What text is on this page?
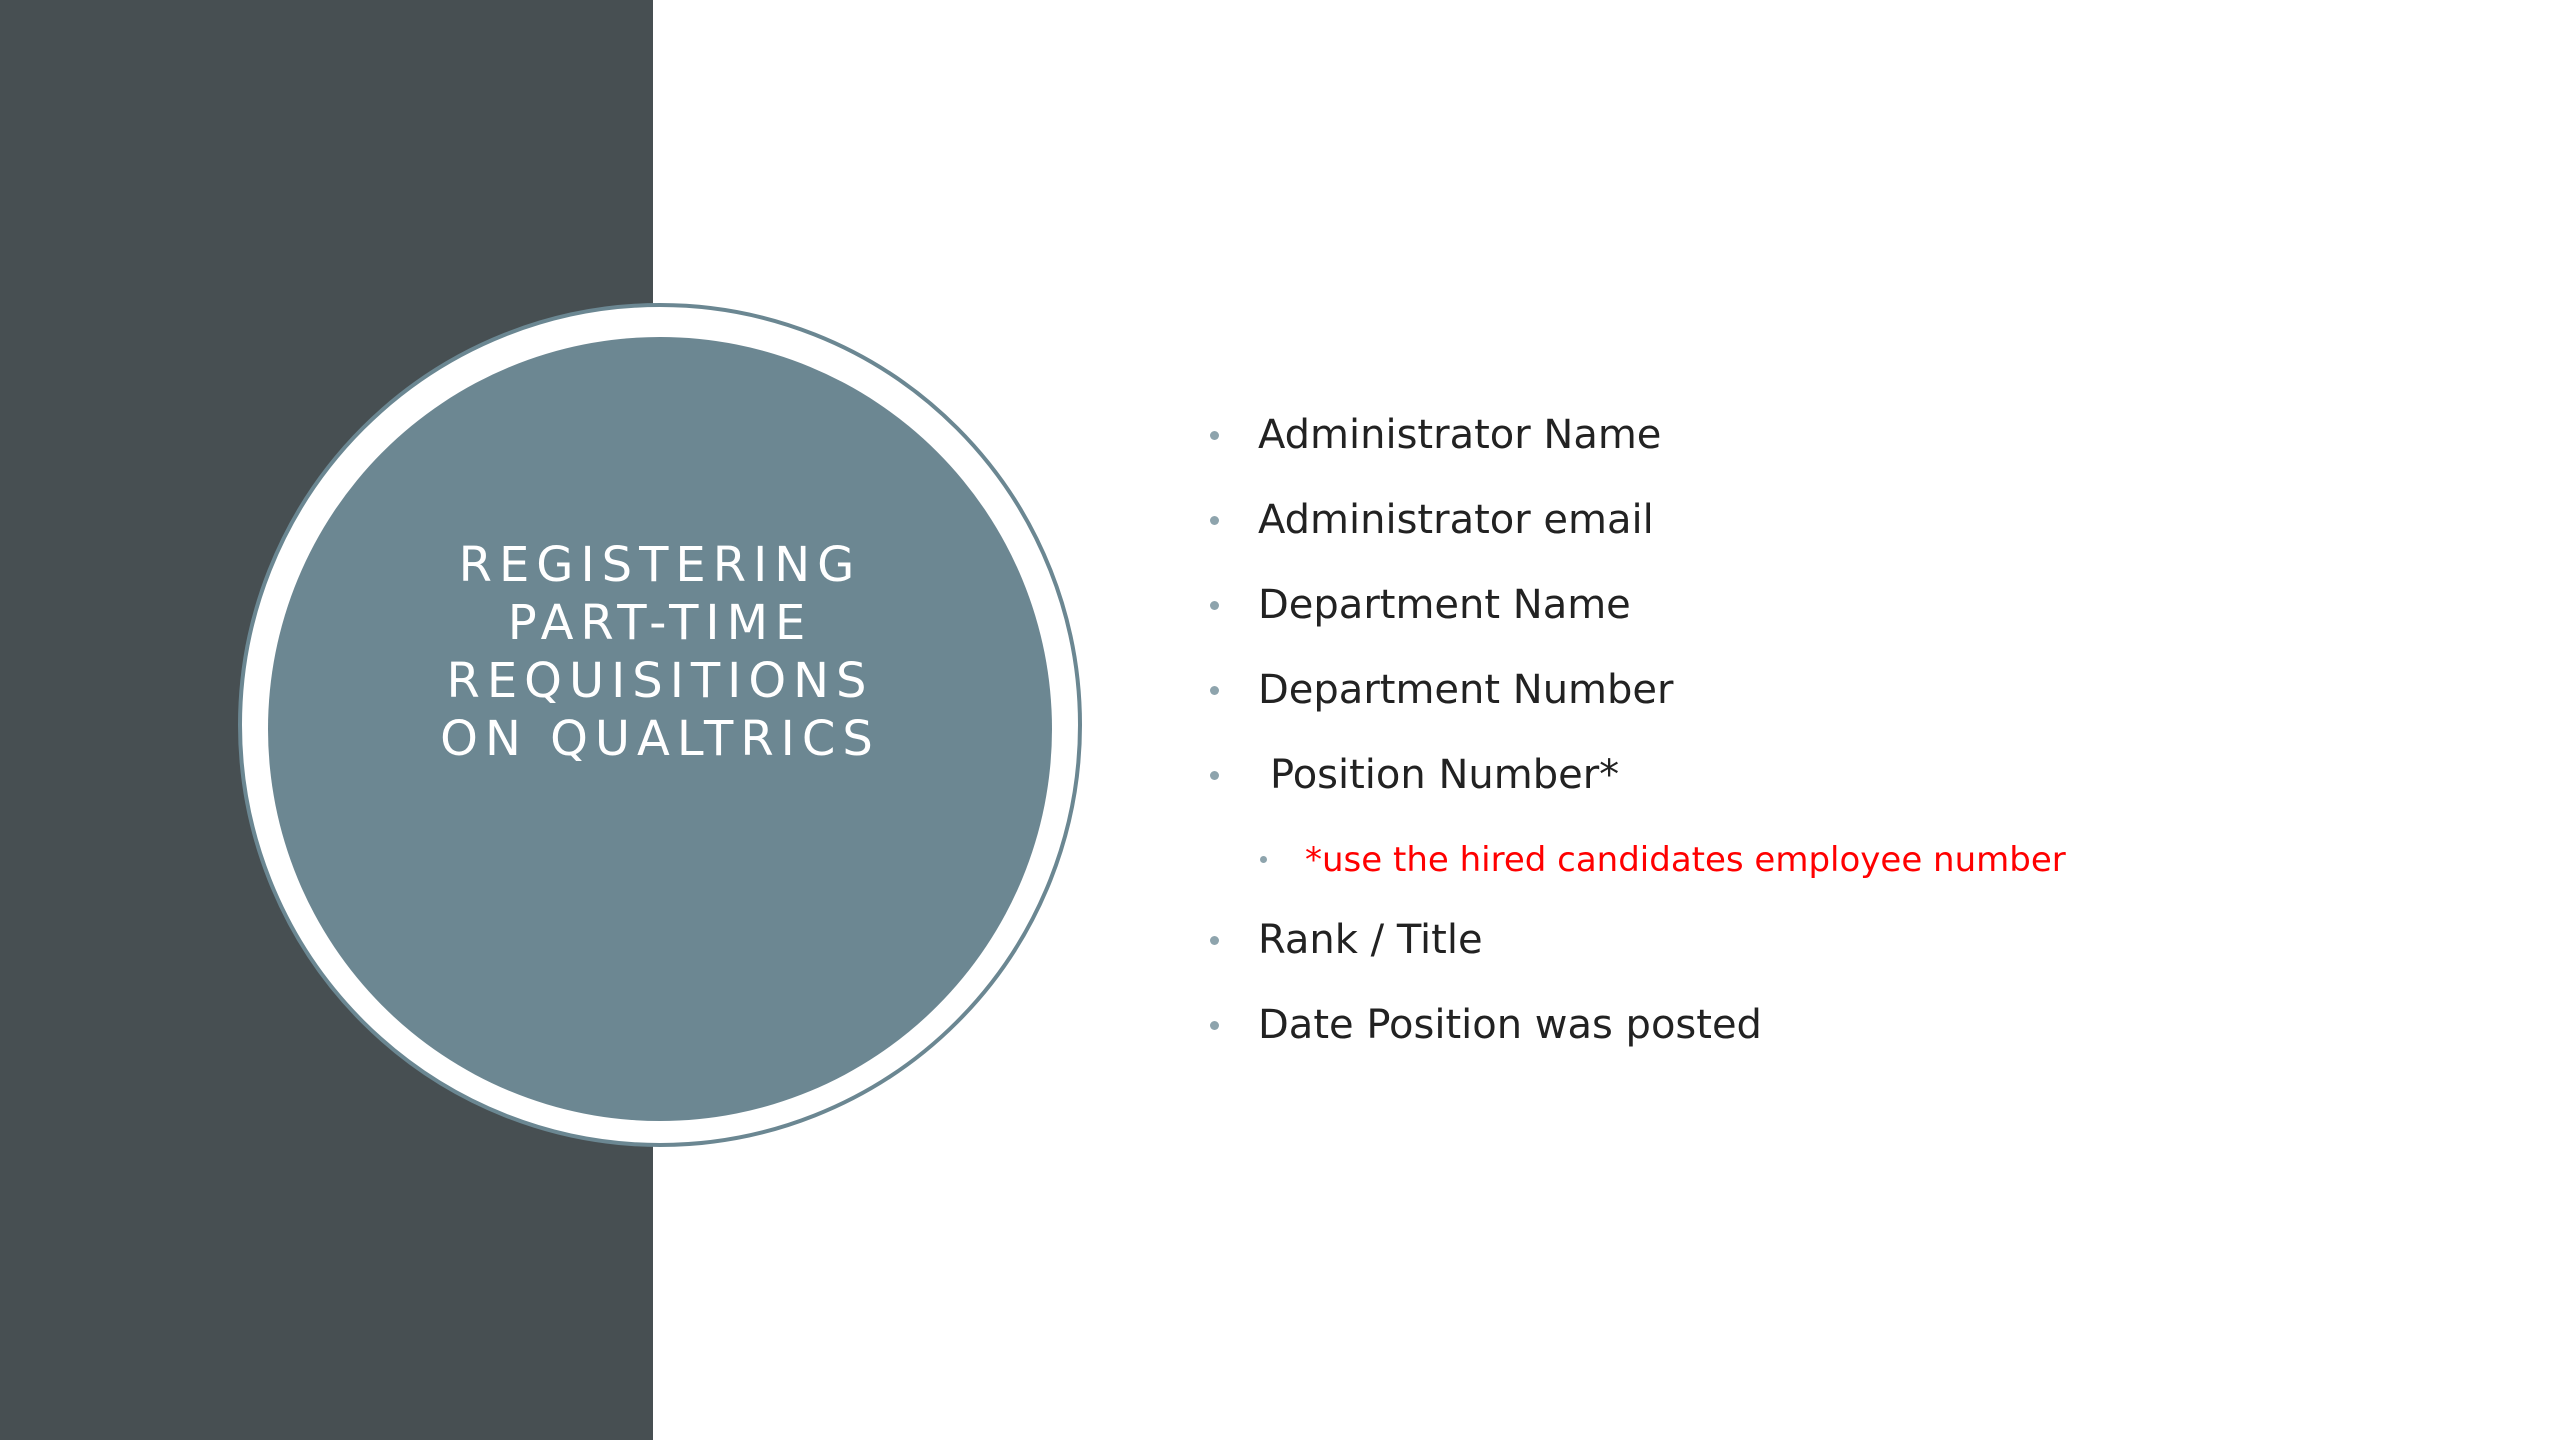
REGISTERING
PART-TIME
REQUISITIONS
ON QUALTRICS
Administrator Name
Administrator email
Department Name
Department Number
Position Number*
*use the hired candidates employee number
Rank / Title
Date Position was posted
